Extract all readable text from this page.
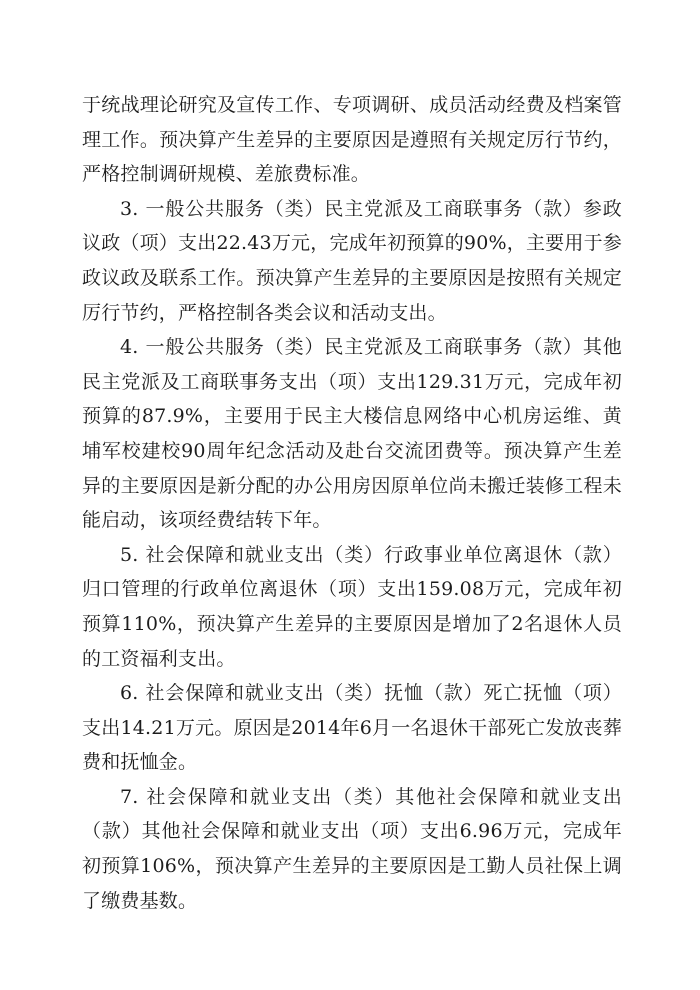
于统战理论研究及宣传工作、专项调研、成员活动经费及档案管理工作。预决算产生差异的主要原因是遵照有关规定厉行节约，严格控制调研规模、差旅费标准。

3. 一般公共服务（类）民主党派及工商联事务（款）参政议政（项）支出22.43万元，完成年初预算的90%，主要用于参政议政及联系工作。预决算产生差异的主要原因是按照有关规定厉行节约，严格控制各类会议和活动支出。

4. 一般公共服务（类）民主党派及工商联事务（款）其他民主党派及工商联事务支出（项）支出129.31万元，完成年初预算的87.9%，主要用于民主大楼信息网络中心机房运维、黄埔军校建校90周年纪念活动及赴台交流团费等。预决算产生差异的主要原因是新分配的办公用房因原单位尚未搬迁装修工程未能启动，该项经费结转下年。

5. 社会保障和就业支出（类）行政事业单位离退休（款）归口管理的行政单位离退休（项）支出159.08万元，完成年初预算110%，预决算产生差异的主要原因是增加了2名退休人员的工资福利支出。

6. 社会保障和就业支出（类）抚恤（款）死亡抚恤（项）支出14.21万元。原因是2014年6月一名退休干部死亡发放丧葬费和抚恤金。

7. 社会保障和就业支出（类）其他社会保障和就业支出（款）其他社会保障和就业支出（项）支出6.96万元，完成年初预算106%，预决算产生差异的主要原因是工勤人员社保上调了缴费基数。
